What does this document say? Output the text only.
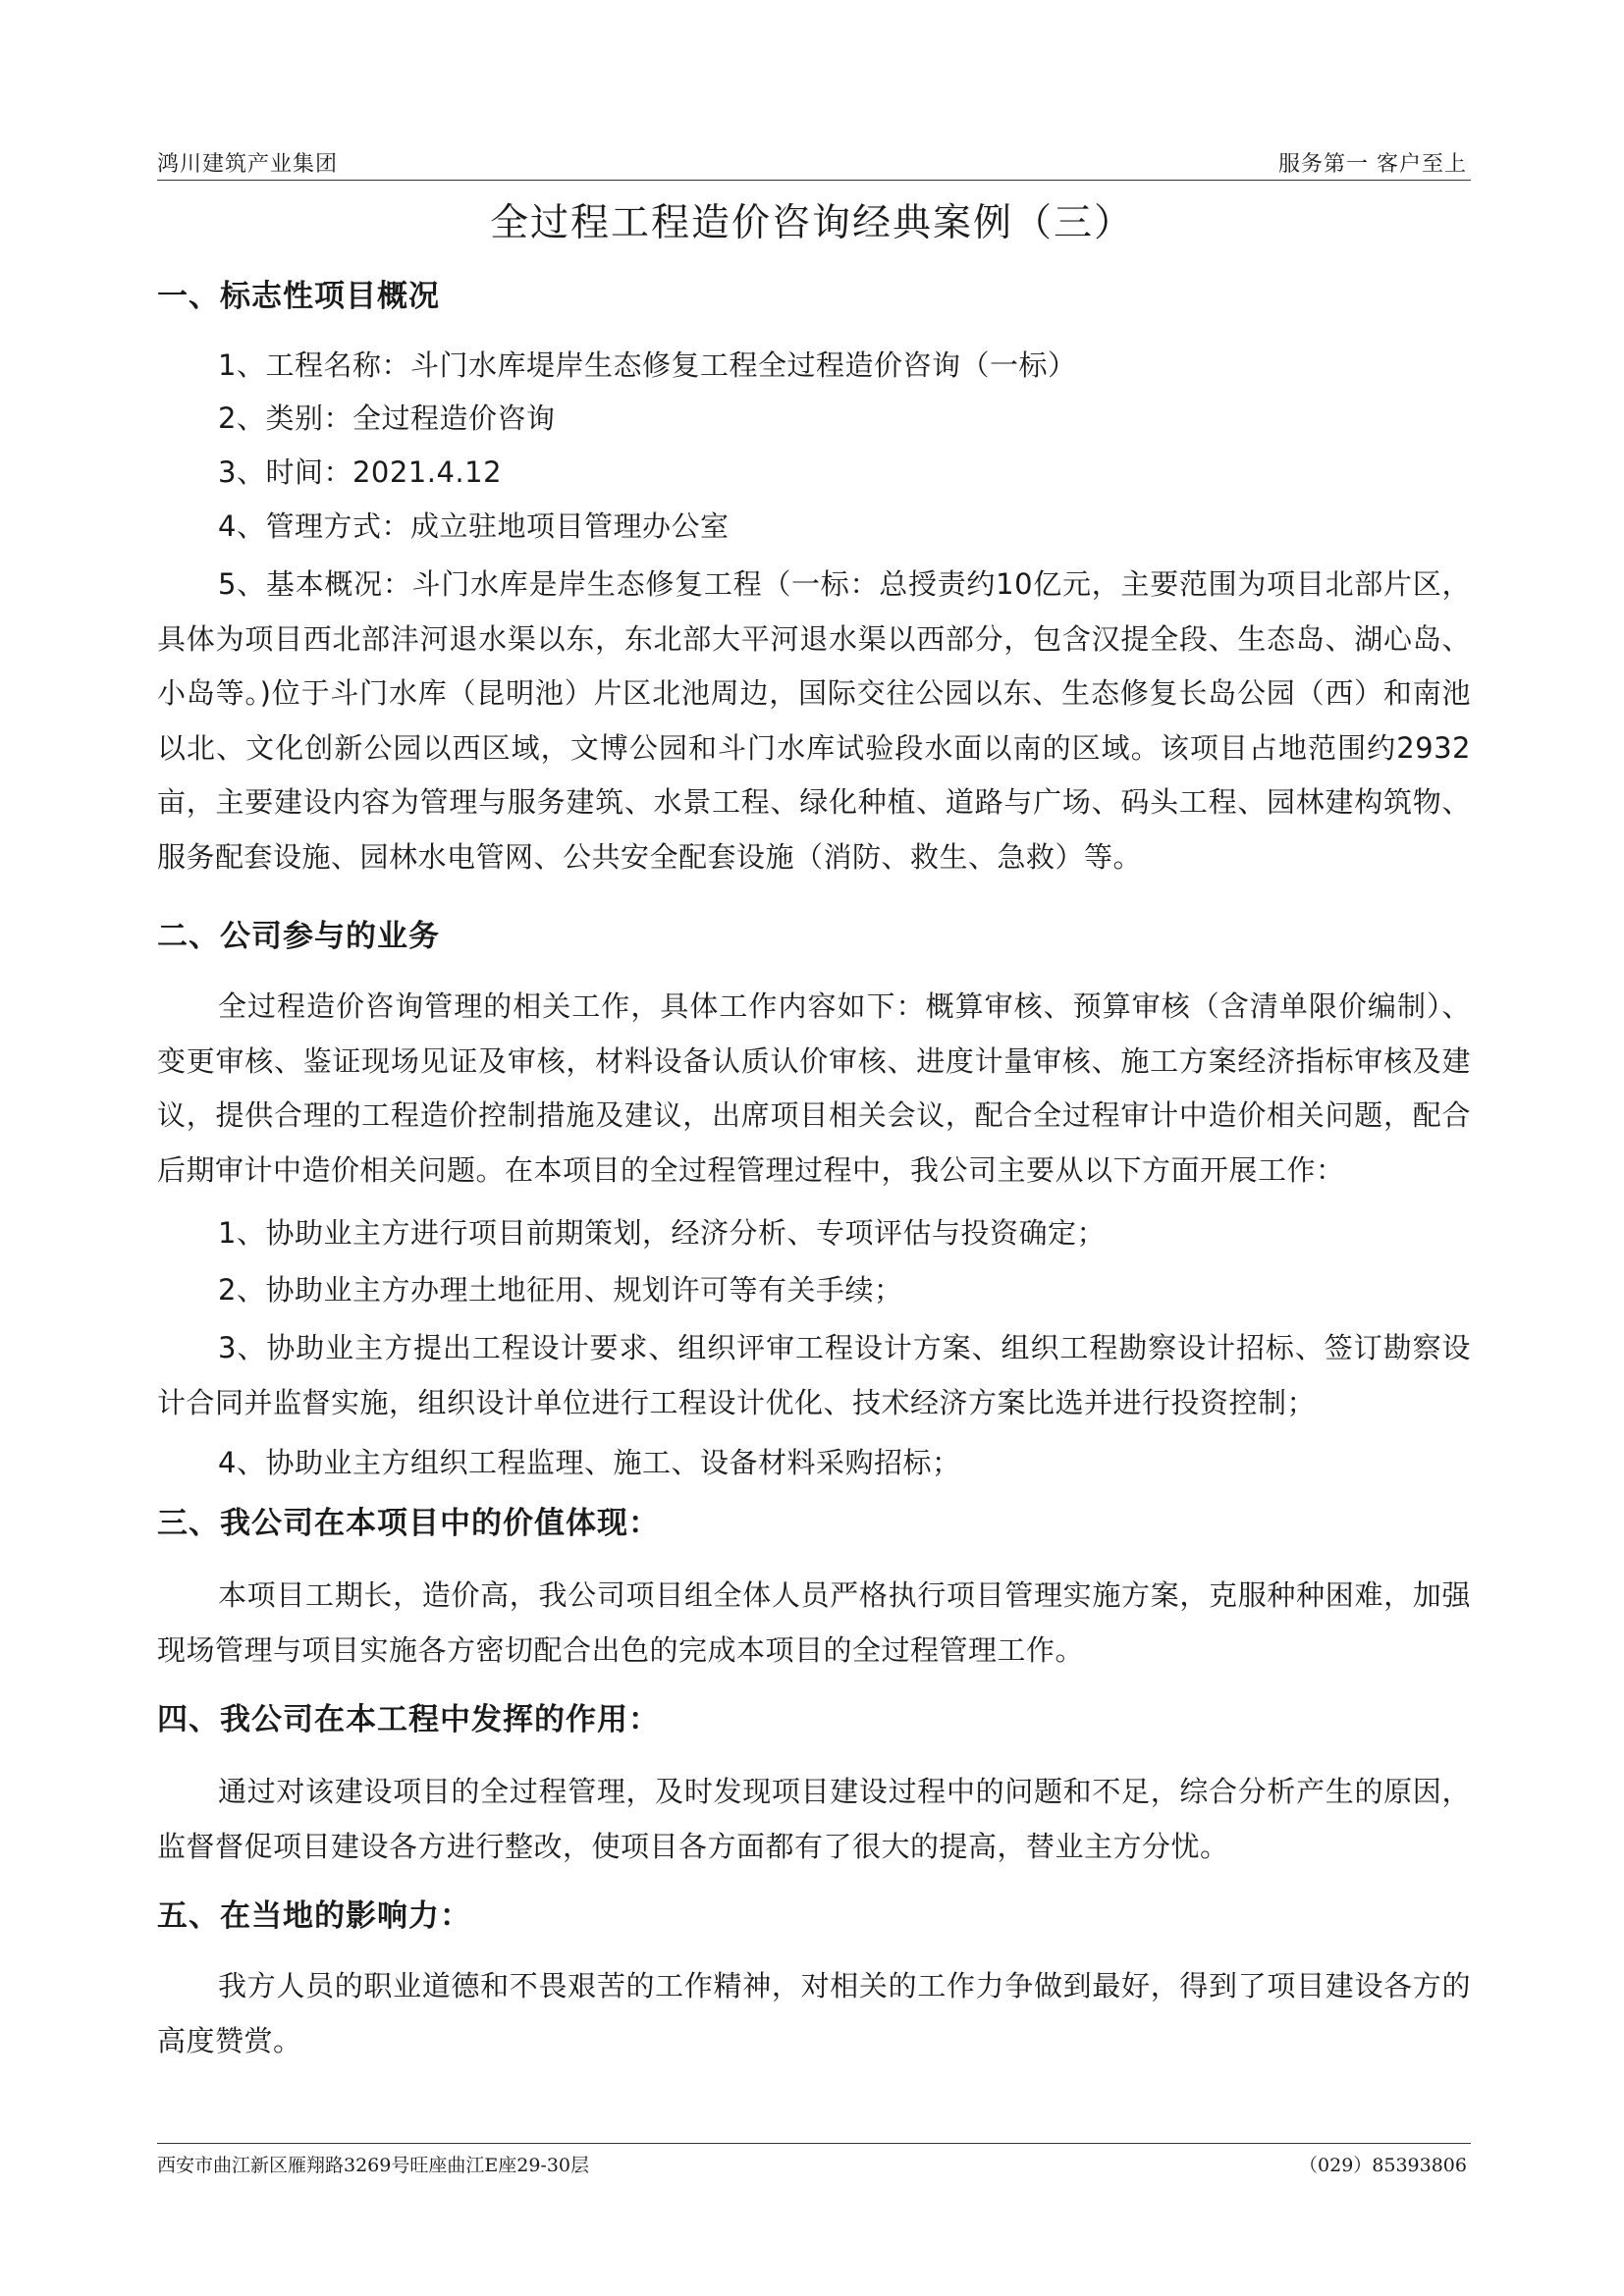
鸿川建筑产业集团	服务第一 客户至上
全过程工程造价咨询经典案例（三）
一、标志性项目概况
1、工程名称：斗门水库堤岸生态修复工程全过程造价咨询（一标）
2、类别：全过程造价咨询
3、时间：2021.4.12
4、管理方式：成立驻地项目管理办公室
5、基本概况：斗门水库是岸生态修复工程（一标：总授责约10亿元，主要范围为项目北部片区，具体为项目西北部沣河退水渠以东，东北部大平河退水渠以西部分，包含汉提全段、生态岛、湖心岛、小岛等。)位于斗门水库（昆明池）片区北池周边，国际交往公园以东、生态修复长岛公园（西）和南池以北、文化创新公园以西区域，文博公园和斗门水库试验段水面以南的区域。该项目占地范围约2932亩，主要建设内容为管理与服务建筑、水景工程、绿化种植、道路与广场、码头工程、园林建构筑物、服务配套设施、园林水电管网、公共安全配套设施（消防、救生、急救）等。
二、公司参与的业务
全过程造价咨询管理的相关工作，具体工作内容如下：概算审核、预算审核（含清单限价编制）、变更审核、鉴证现场见证及审核，材料设备认质认价审核、进度计量审核、施工方案经济指标审核及建议，提供合理的工程造价控制措施及建议，出席项目相关会议，配合全过程审计中造价相关问题，配合后期审计中造价相关问题。在本项目的全过程管理过程中，我公司主要从以下方面开展工作：
1、协助业主方进行项目前期策划，经济分析、专项评估与投资确定；
2、协助业主方办理土地征用、规划许可等有关手续；
3、协助业主方提出工程设计要求、组织评审工程设计方案、组织工程勘察设计招标、签订勘察设计合同并监督实施，组织设计单位进行工程设计优化、技术经济方案比选并进行投资控制；
4、协助业主方组织工程监理、施工、设备材料采购招标；
三、我公司在本项目中的价值体现：
本项目工期长，造价高，我公司项目组全体人员严格执行项目管理实施方案，克服种种困难，加强现场管理与项目实施各方密切配合出色的完成本项目的全过程管理工作。
四、我公司在本工程中发挥的作用：
通过对该建设项目的全过程管理，及时发现项目建设过程中的问题和不足，综合分析产生的原因，监督督促项目建设各方进行整改，使项目各方面都有了很大的提高，替业主方分忧。
五、在当地的影响力：
我方人员的职业道德和不畏艰苦的工作精神，对相关的工作力争做到最好，得到了项目建设各方的高度赞赏。
西安市曲江新区雁翔路3269号旺座曲江E座29-30层	（029）85393806
